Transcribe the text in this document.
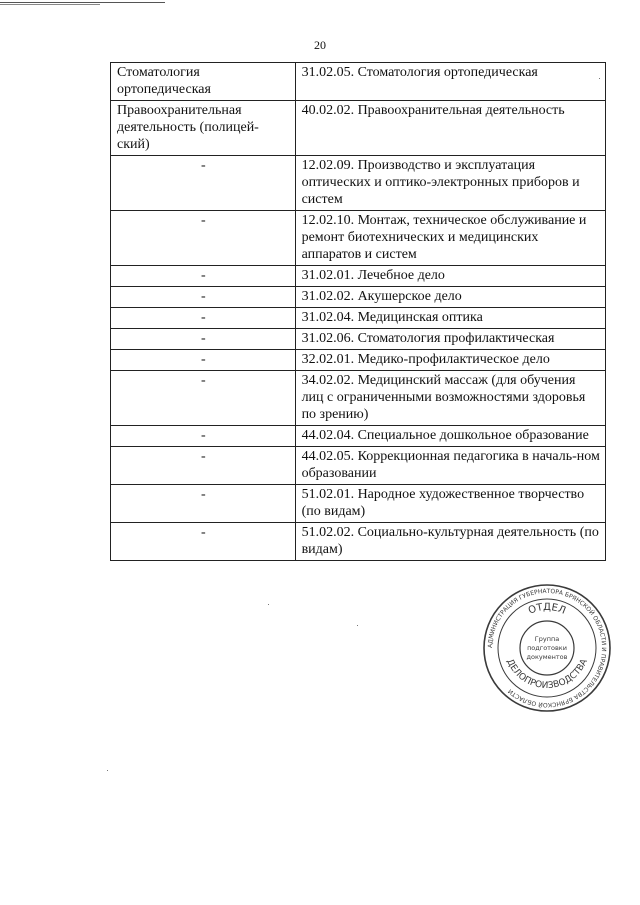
20
Стоматология ортопедическая	31.02.05. Стоматология ортопедическая
Правоохранительная деятельность (полицей-ский)	40.02.02. Правоохранительная деятельность
-	12.02.09. Производство и эксплуатация оптических и оптико-электронных приборов и систем
-	12.02.10. Монтаж, техническое обслуживание и ремонт биотехнических и медицинских аппаратов и систем
-	31.02.01. Лечебное дело
-	31.02.02. Акушерское дело
-	31.02.04. Медицинская оптика
-	31.02.06. Стоматология профилактическая
-	32.02.01. Медико-профилактическое дело
-	34.02.02. Медицинский массаж (для обучения лиц с ограниченными возможностями здоровья по зрению)
-	44.02.04. Специальное дошкольное образование
-	44.02.05. Коррекционная педагогика в началь-ном образовании
-	51.02.01. Народное художественное творчество (по видам)
-	51.02.02. Социально-культурная деятельность (по видам)
АДМИНИСТРАЦИЯ ГУБЕРНАТОРА БРЯНСКОЙ ОБЛАСТИ И ПРАВИТЕЛЬСТВА БРЯНСКОЙ ОБЛАСТИ
ОТДЕЛ
ДЕЛОПРОИЗВОДСТВА
Группа
подготовки
документов
